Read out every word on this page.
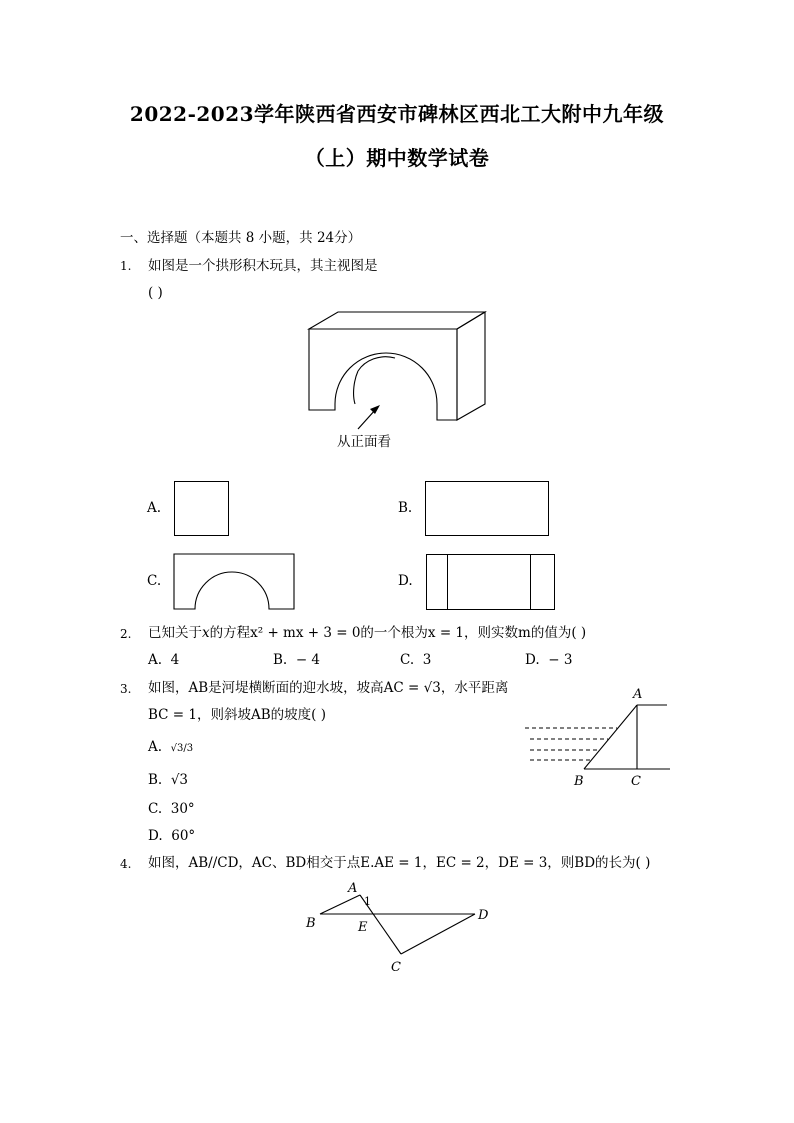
2022-2023学年陕西省西安市碑林区西北工大附中九年级
（上）期中数学试卷
一、选择题（本题共 8 小题，共 24分）
1. 如图是一个拱形积木玩具，其主视图是
( )
从正面看
A.	B.
C.	D.
2. 已知关于x的方程x² + mx + 3 = 0的一个根为x = 1，则实数m的值为( )
A. 4	B. − 4	C. 3	D. − 3
3. 如图，AB是河堤横断面的迎水坡，坡高AC = √3，水平距离
BC = 1，则斜坡AB的坡度( )
A. √3/3
B. √3
C. 30°
D. 60°
A
B	C
4. 如图，AB//CD，AC、BD相交于点E.AE = 1，EC = 2，DE = 3，则BD的长为( )
A
1
B	E
D
C
